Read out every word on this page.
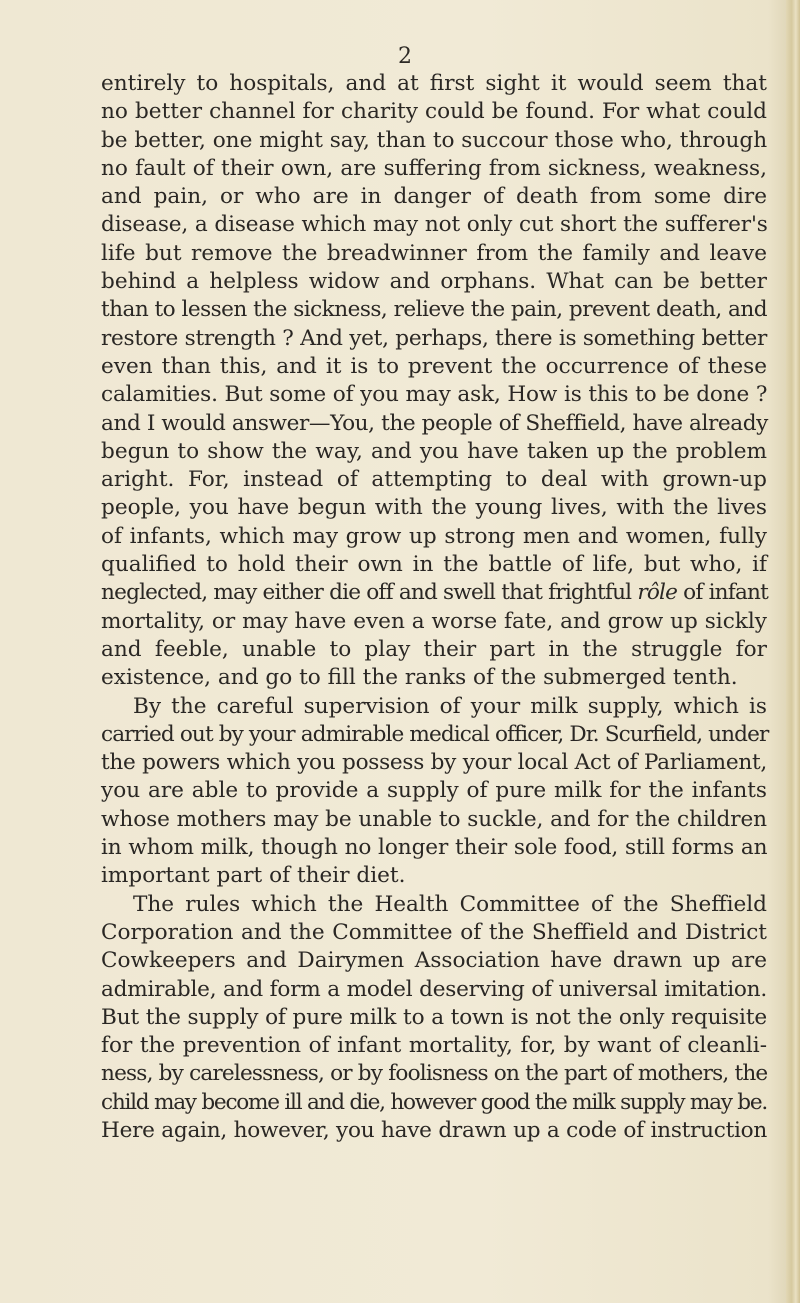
2
entirely to hospitals, and at first sight it would seem that
no better channel for charity could be found. For what could
be better, one might say, than to succour those who, through
no fault of their own, are suffering from sickness, weakness,
and pain, or who are in danger of death from some dire
disease, a disease which may not only cut short the sufferer's
life but remove the breadwinner from the family and leave
behind a helpless widow and orphans. What can be better
than to lessen the sickness, relieve the pain, prevent death, and
restore strength ? And yet, perhaps, there is something better
even than this, and it is to prevent the occurrence of these
calamities. But some of you may ask, How is this to be done ?
and I would answer—You, the people of Sheffield, have already
begun to show the way, and you have taken up the problem
aright. For, instead of attempting to deal with grown-up
people, you have begun with the young lives, with the lives
of infants, which may grow up strong men and women, fully
qualified to hold their own in the battle of life, but who, if
neglected, may either die off and swell that frightful rôle of infant
mortality, or may have even a worse fate, and grow up sickly
and feeble, unable to play their part in the struggle for
existence, and go to fill the ranks of the submerged tenth.
By the careful supervision of your milk supply, which is
carried out by your admirable medical officer, Dr. Scurfield, under
the powers which you possess by your local Act of Parliament,
you are able to provide a supply of pure milk for the infants
whose mothers may be unable to suckle, and for the children
in whom milk, though no longer their sole food, still forms an
important part of their diet.
The rules which the Health Committee of the Sheffield
Corporation and the Committee of the Sheffield and District
Cowkeepers and Dairymen Association have drawn up are
admirable, and form a model deserving of universal imitation.
But the supply of pure milk to a town is not the only requisite
for the prevention of infant mortality, for, by want of cleanli-
ness, by carelessness, or by foolisness on the part of mothers, the
child may become ill and die, however good the milk supply may be.
Here again, however, you have drawn up a code of instruction
